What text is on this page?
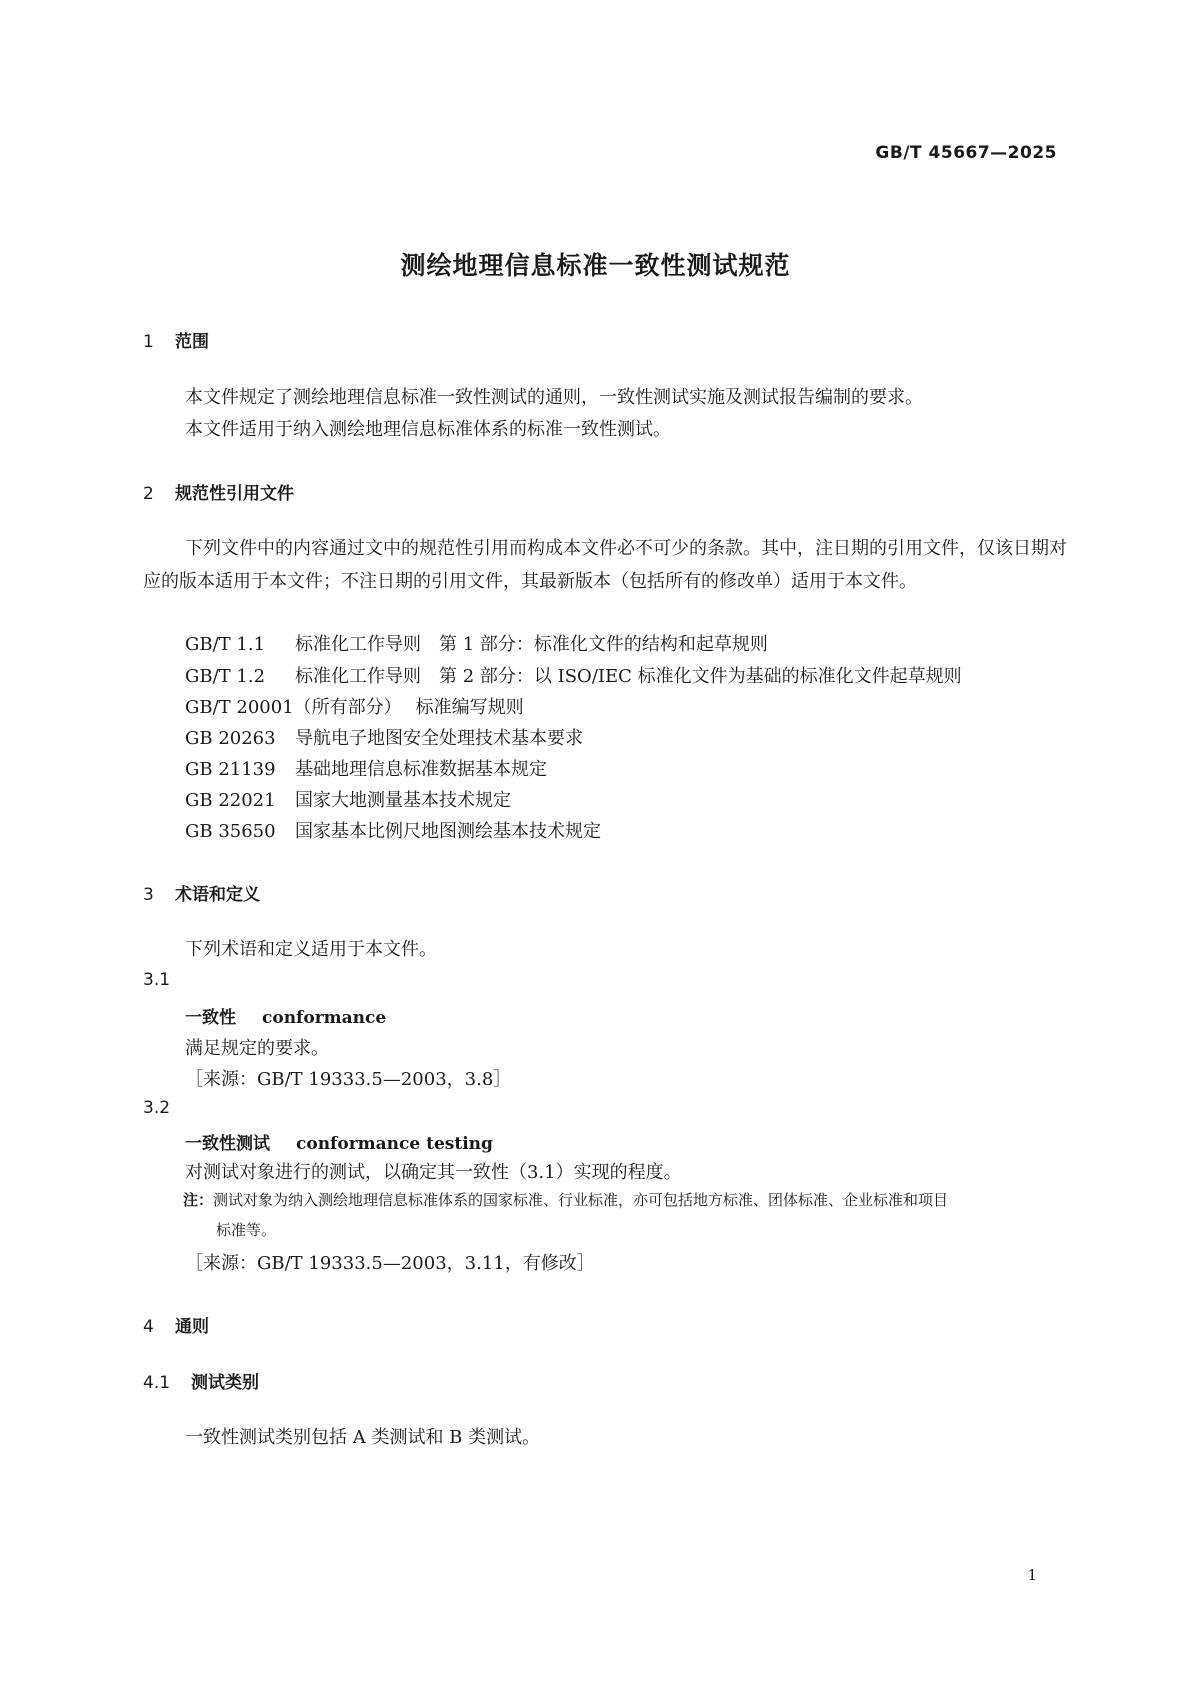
GB/T 45667—2025
测绘地理信息标准一致性测试规范
1 范围
本文件规定了测绘地理信息标准一致性测试的通则，一致性测试实施及测试报告编制的要求。
本文件适用于纳入测绘地理信息标准体系的标准一致性测试。
2 规范性引用文件
下列文件中的内容通过文中的规范性引用而构成本文件必不可少的条款。其中，注日期的引用文件，仅该日期对应的版本适用于本文件；不注日期的引用文件，其最新版本（包括所有的修改单）适用于本文件。
GB/T 1.1 标准化工作导则　第 1 部分：标准化文件的结构和起草规则
GB/T 1.2 标准化工作导则　第 2 部分：以 ISO/IEC 标准化文件为基础的标准化文件起草规则
GB/T 20001（所有部分） 标准编写规则
GB 20263 导航电子地图安全处理技术基本要求
GB 21139 基础地理信息标准数据基本规定
GB 22021 国家大地测量基本技术规定
GB 35650 国家基本比例尺地图测绘基本技术规定
3 术语和定义
下列术语和定义适用于本文件。
3.1
一致性 conformance
满足规定的要求。
［来源：GB/T 19333.5—2003，3.8］
3.2
一致性测试 conformance testing
对测试对象进行的测试，以确定其一致性（3.1）实现的程度。
注：测试对象为纳入测绘地理信息标准体系的国家标准、行业标准，亦可包括地方标准、团体标准、企业标准和项目
标准等。
［来源：GB/T 19333.5—2003，3.11，有修改］
4 通则
4.1 测试类别
一致性测试类别包括 A 类测试和 B 类测试。
1
